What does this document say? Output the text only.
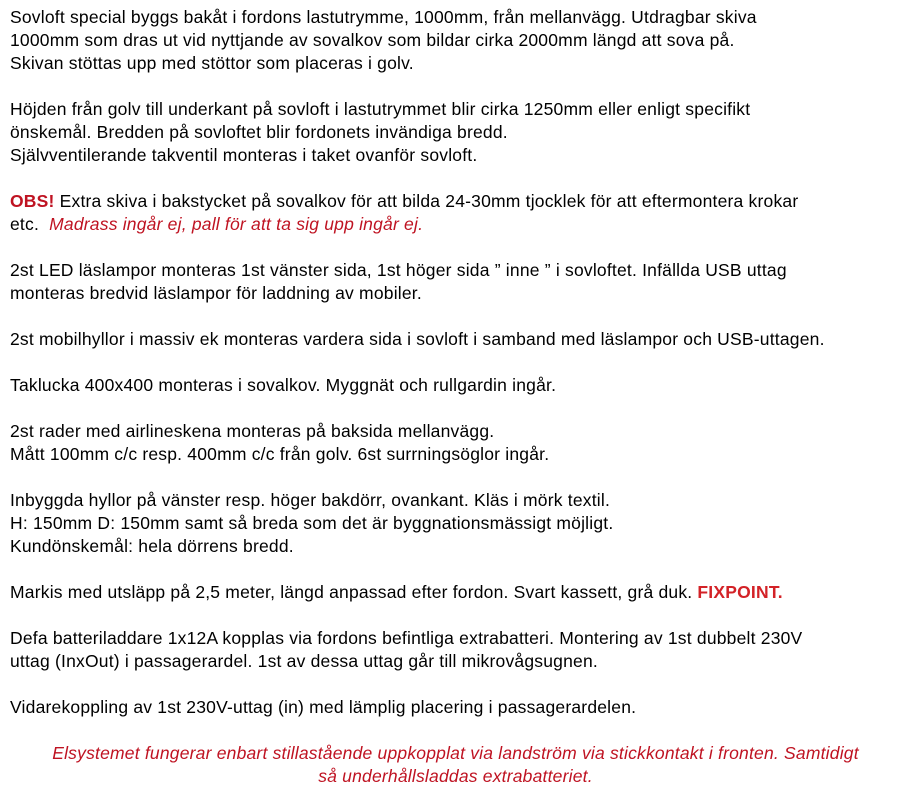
Sovloft special byggs bakåt i fordons lastutrymme, 1000mm, från mellanvägg. Utdragbar skiva
1000mm som dras ut vid nyttjande av sovalkov som bildar cirka 2000mm längd att sova på.
Skivan stöttas upp med stöttor som placeras i golv.
Höjden från golv till underkant på sovloft i lastutrymmet blir cirka 1250mm eller enligt specifikt
önskemål. Bredden på sovloftet blir fordonets invändiga bredd.
Självventilerande takventil monteras i taket ovanför sovloft.
OBS! Extra skiva i bakstycket på sovalkov för att bilda 24-30mm tjocklek för att eftermontera krokar
etc.  Madrass ingår ej, pall för att ta sig upp ingår ej.
2st LED läslampor monteras 1st vänster sida, 1st höger sida ” inne ” i sovloftet. Infällda USB uttag
monteras bredvid läslampor för laddning av mobiler.
2st mobilhyllor i massiv ek monteras vardera sida i sovloft i samband med läslampor och USB-uttagen.
Taklucka 400x400 monteras i sovalkov. Myggnät och rullgardin ingår.
2st rader med airlineskena monteras på baksida mellanvägg.
Mått 100mm c/c resp. 400mm c/c från golv. 6st surrningsöglor ingår.
Inbyggda hyllor på vänster resp. höger bakdörr, ovankant. Kläs i mörk textil.
H: 150mm D: 150mm samt så breda som det är byggnationsmässigt möjligt.
Kundönskemål: hela dörrens bredd.
Markis med utsläpp på 2,5 meter, längd anpassad efter fordon. Svart kassett, grå duk. FIXPOINT.
Defa batteriladdare 1x12A kopplas via fordons befintliga extrabatteri. Montering av 1st dubbelt 230V
uttag (InxOut) i passagerardel. 1st av dessa uttag går till mikrovågsugnen.
Vidarekoppling av 1st 230V-uttag (in) med lämplig placering i passagerardelen.
Elsystemet fungerar enbart stillastående uppkopplat via landström via stickkontakt i fronten. Samtidigt
så underhållsladdas extrabatteriet.
